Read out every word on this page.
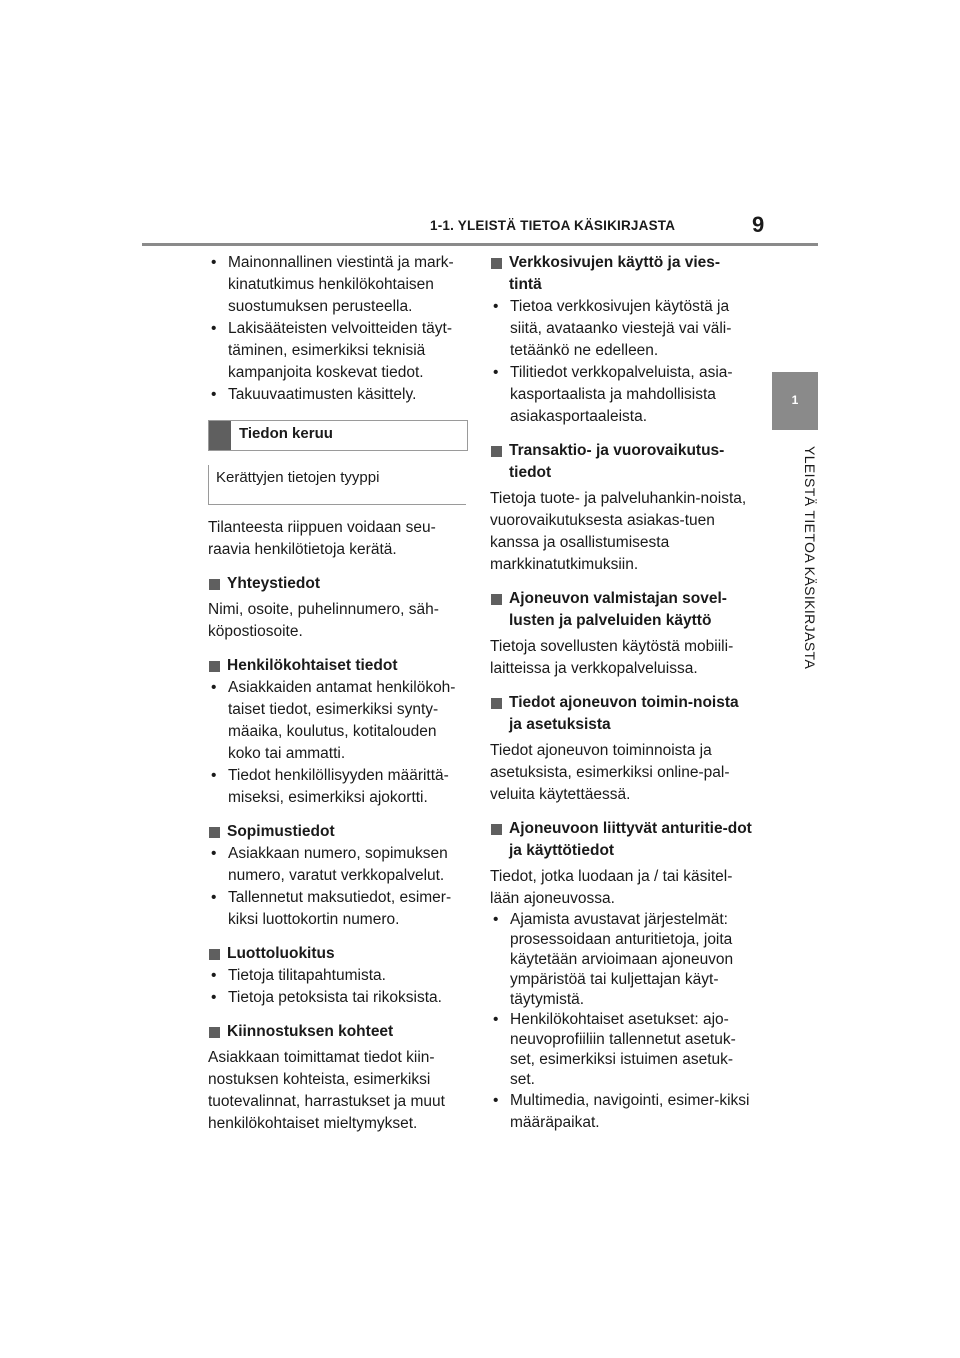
1-1. YLEISTÄ TIETOA KÄSIKIRJASTA	9
1
YLEISTÄ TIETOA KÄSIKIRJASTA
• Mainonnallinen viestintä ja mark-kinatutkimus henkilökohtaisen suostumuksen perusteella.
• Lakisääteisten velvoitteiden täyt-täminen, esimerkiksi teknisiä kampanjoita koskevat tiedot.
• Takuuvaatimusten käsittely.
Tiedon keruu
Kerättyjen tietojen tyyppi

Tilanteesta riippuen voidaan seu-raavia henkilötietoja kerätä.

Yhteystiedot

Nimi, osoite, puhelinnumero, säh-köpostiosoite.

Henkilökohtaiset tiedot
• Asiakkaiden antamat henkilökoh-taiset tiedot, esimerkiksi synty-mäaika, koulutus, kotitalouden koko tai ammatti.
• Tiedot henkilöllisyyden määrittä-miseksi, esimerkiksi ajokortti.
Sopimustiedot
• Asiakkaan numero, sopimuksen numero, varatut verkkopalvelut.
• Tallennetut maksutiedot, esimer-kiksi luottokortin numero.
Luottoluokitus
• Tietoja tilitapahtumista.
• Tietoja petoksista tai rikoksista.
Kiinnostuksen kohteet

Asiakkaan toimittamat tiedot kiin-nostuksen kohteista, esimerkiksi tuotevalinnat, harrastukset ja muut henkilökohtaiset mieltymykset.

Verkkosivujen käyttö ja vies-tintä
• Tietoa verkkosivujen käytöstä ja siitä, avataanko viestejä vai väli-tetäänkö ne edelleen.
• Tilitiedot verkkopalveluista, asia-kasportaalista ja mahdollisista asiakasportaaleista.
Transaktio- ja vuorovaikutus-tiedot

Tietoja tuote- ja palveluhankin-noista, vuorovaikutuksesta asiakas-tuen kanssa ja osallistumisesta markkinatutkimuksiin.

Ajoneuvon valmistajan sovel-lusten ja palveluiden käyttö

Tietoja sovellusten käytöstä mobiili-laitteissa ja verkkopalveluissa.

Tiedot ajoneuvon toimin-noista ja asetuksista

Tiedot ajoneuvon toiminnoista ja asetuksista, esimerkiksi online-pal-veluita käytettäessä.

Ajoneuvoon liittyvät anturitie-dot ja käyttötiedot

Tiedot, jotka luodaan ja / tai käsitel-lään ajoneuvossa.

• Ajamista avustavat järjestelmät: prosessoidaan anturitietoja, joita käytetään arvioimaan ajoneuvon ympäristöä tai kuljettajan käyt-täytymistä.
• Henkilökohtaiset asetukset: ajo-neuvoprofiiliin tallennetut asetuk-set, esimerkiksi istuimen asetuk-set.
• Multimedia, navigointi, esimer-kiksi määräpaikat.
